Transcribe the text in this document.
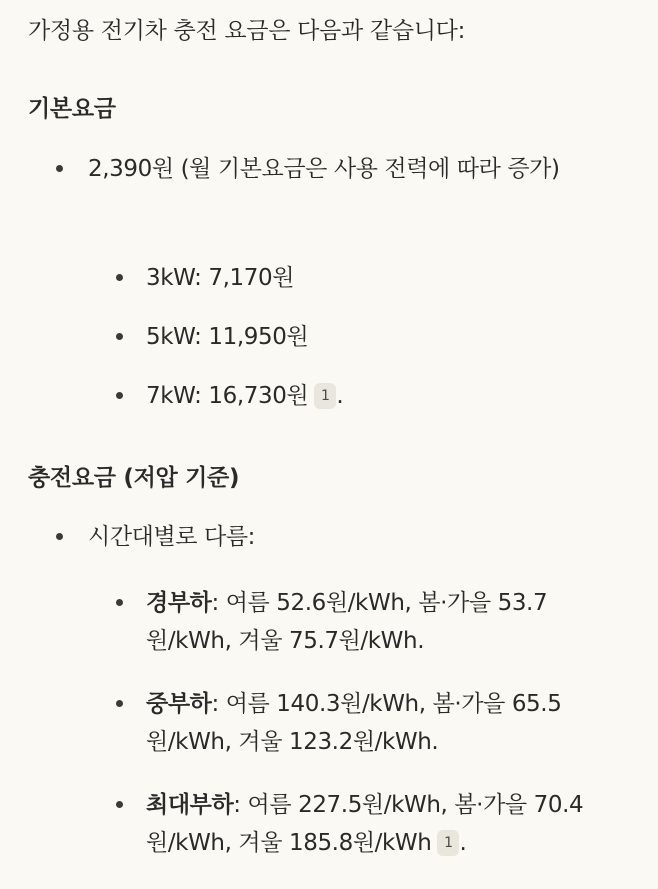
가정용 전기차 충전 요금은 다음과 같습니다:
기본요금
2,390원 (월 기본요금은 사용 전력에 따라 증가)
3kW: 7,170원
5kW: 11,950원
7kW: 16,730원 1 .
충전요금 (저압 기준)
시간대별로 다름:
경부하: 여름 52.6원/kWh, 봄·가을 53.7원/kWh, 겨울 75.7원/kWh.
중부하: 여름 140.3원/kWh, 봄·가을 65.5원/kWh, 겨울 123.2원/kWh.
최대부하: 여름 227.5원/kWh, 봄·가을 70.4원/kWh, 겨울 185.8원/kWh 1 .
